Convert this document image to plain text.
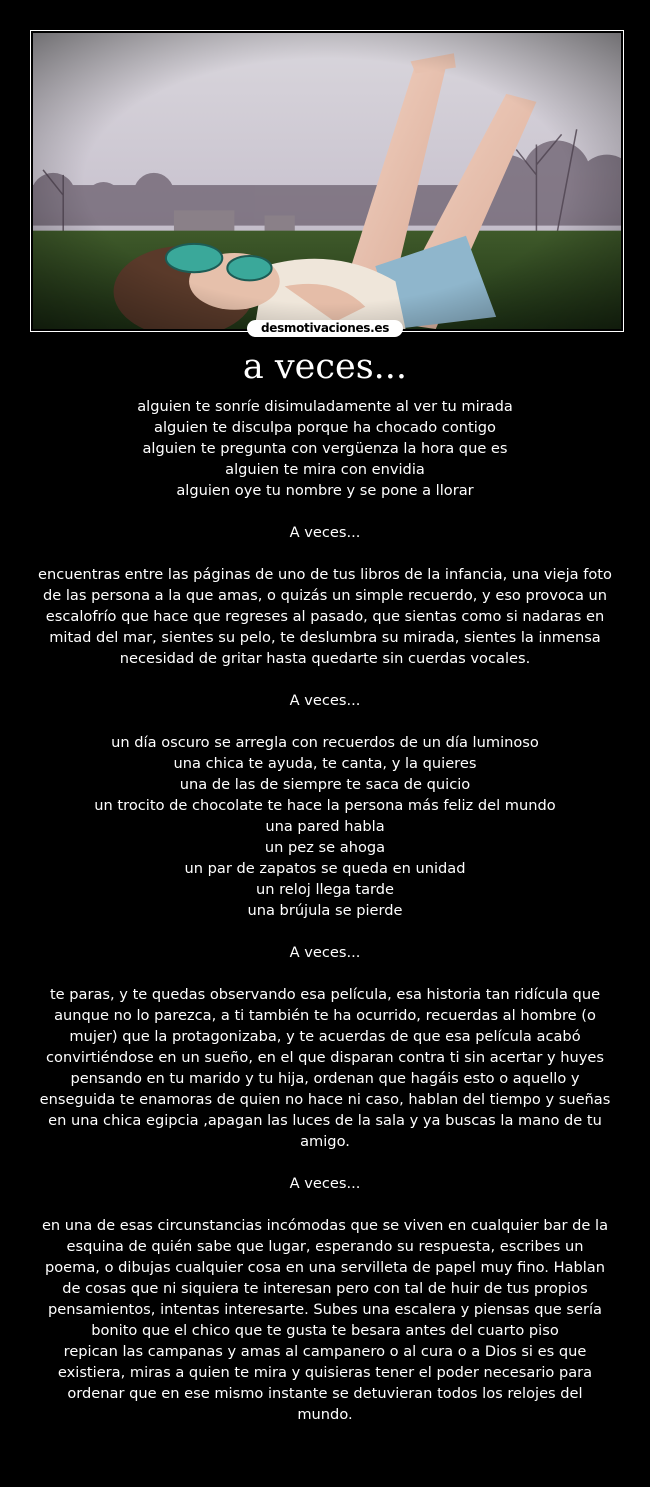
desmotivaciones.es
a veces...

alguien te sonríe disimuladamente al ver tu mirada

alguien te disculpa porque ha chocado contigo

alguien te pregunta con vergüenza la hora que es

alguien te mira con envidia

alguien oye tu nombre y se pone a llorar

A veces...

encuentras entre las páginas de uno de tus libros de la infancia, una vieja foto de las persona a la que amas, o quizás un simple recuerdo, y eso provoca un escalofrío que hace que regreses al pasado, que sientas como si nadaras en mitad del mar, sientes su pelo, te deslumbra su mirada, sientes la inmensa necesidad de gritar hasta quedarte sin cuerdas vocales.

A veces...

un día oscuro se arregla con recuerdos de un día luminoso

una chica te ayuda, te canta, y la quieres

una de las de siempre te saca de quicio

un trocito de chocolate te hace la persona más feliz del mundo

una pared habla

un pez se ahoga

un par de zapatos se queda en unidad

un reloj llega tarde

una brújula se pierde

A veces...

te paras, y te quedas observando esa película, esa historia tan ridícula que aunque no lo parezca, a ti también te ha ocurrido, recuerdas al hombre (o mujer) que la protagonizaba, y te acuerdas de que esa película acabó convirtiéndose en un sueño, en el que disparan contra ti sin acertar y huyes pensando en tu marido y tu hija, ordenan que hagáis esto o aquello y enseguida te enamoras de quien no hace ni caso, hablan del tiempo y sueñas en una chica egipcia ,apagan las luces de la sala y ya buscas la mano de tu amigo.

A veces...

en una de esas circunstancias incómodas que se viven en cualquier bar de la esquina de quién sabe que lugar, esperando su respuesta, escribes un poema, o dibujas cualquier cosa en una servilleta de papel muy fino. Hablan de cosas que ni siquiera te interesan pero con tal de huir de tus propios pensamientos, intentas interesarte. Subes una escalera y piensas que sería bonito que el chico que te gusta te besara antes del cuarto piso

repican las campanas y amas al campanero o al cura o a Dios si es que existiera, miras a quien te mira y quisieras tener el poder necesario para ordenar que en ese mismo instante se detuvieran todos los relojes del mundo.
